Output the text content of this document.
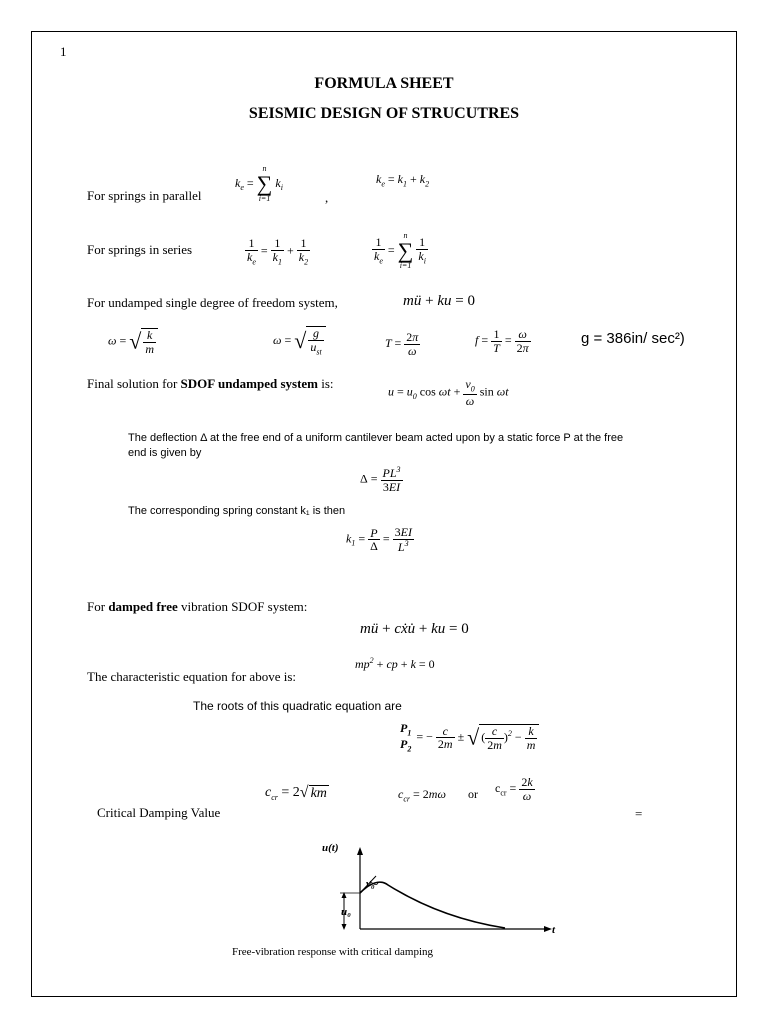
1
FORMULA SHEET
SEISMIC DESIGN OF STRUCUTRES
For springs in parallel
$k_e$ =
n
∑
i=1
$k_i$
,
$k_e = k_1 + k_2$
For springs in series	$\frac{1}{k_e} = \frac{1}{k_1} + \frac{1}{k_2}$	$\frac{1}{k_e}$ =
n
∑
i=1
$\frac{1}{k_i}$
For undamped single degree of freedom system,	mü + ku = 0
ω = √ $\frac{k}{m}$	ω = √ $\frac{g}{u_{st}}$	$T = \frac{2\pi}{\omega}$	$f = \frac{1}{T} = \frac{\omega}{2\pi}$	g = 386in/ sec²)
Final solution for SDOF undamped system is:
$u = u_0$ $\cos \omega t + \frac{v_0}{\omega}$ sin ωt
The deflection Δ at the free end of a uniform cantilever beam acted upon by a static force P at the free
end is given by
$\Delta = \frac{PL^3}{3EI}$
The corresponding spring constant k₁ is then
$k_1 = \frac{P}{\Delta} = \frac{3EI}{L^3}$
For damped free vibration SDOF system:
mü + cẋ​u̇ + ku = 0
$mp^2$ + cp + k = 0
The characteristic equation for above is:
The roots of this quadratic equation are
$P_1$
$P_2$
= − $\frac{c}{2m}$ ± √ ( $\frac{c}{2m} )^2 - \frac{k}{m}$
$c_{cr} = 2√$ km	$c_{cr} = 2m\omega$ or $c_{cr} = \frac{2k}{\omega}$
Critical Damping Value	=
u(t)
v₀
u₀
t
Free-vibration response with critical damping
